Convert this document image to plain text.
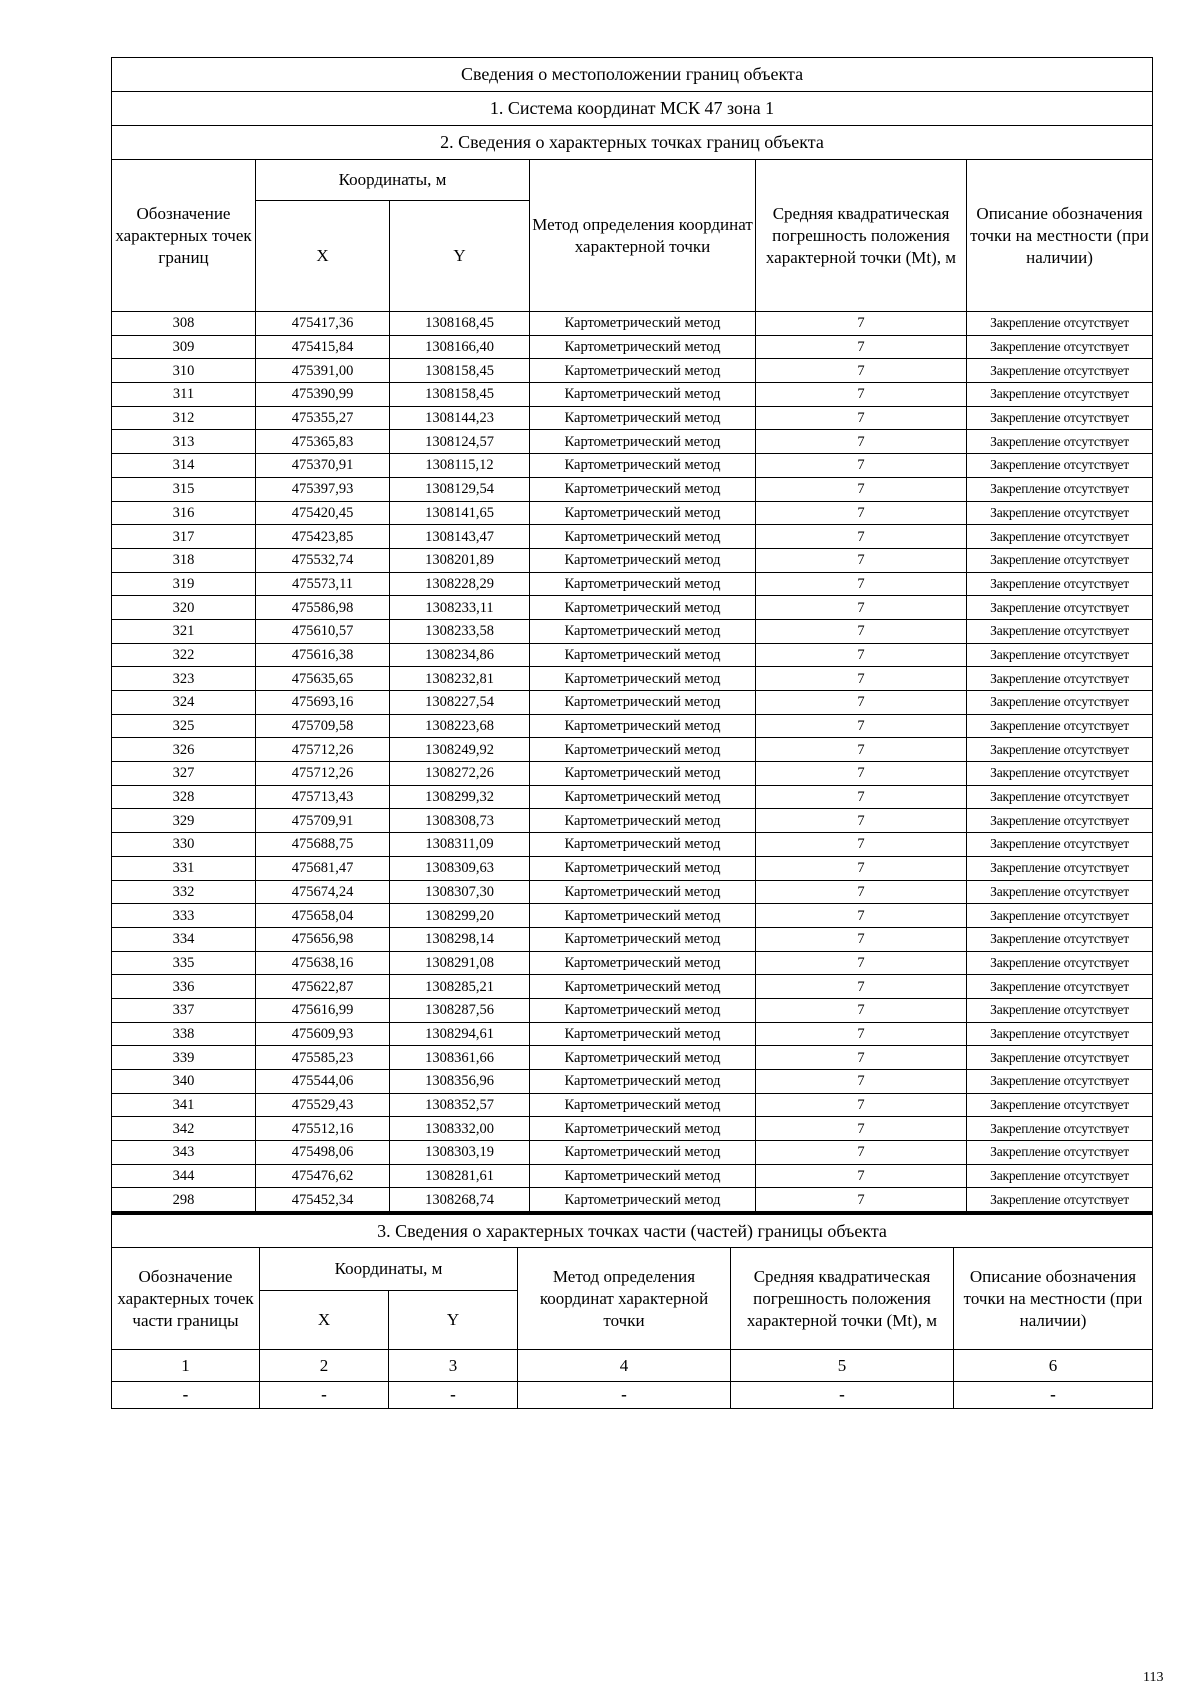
Сведения о местоположении границ объекта					
1. Система координат МСК 47 зона 1					
2. Сведения о характерных точках границ объекта					
Обозначение характерных точек границ	Координаты, м		Метод определения координат характерной точки	Средняя квадратическая погрешность положения характерной точки (Mt), м	Описание обозначения точки на местности (при наличии)
	X	Y			
308	475417,36	1308168,45	Картометрический метод	7	Закрепление отсутствует
309	475415,84	1308166,40	Картометрический метод	7	Закрепление отсутствует
310	475391,00	1308158,45	Картометрический метод	7	Закрепление отсутствует
311	475390,99	1308158,45	Картометрический метод	7	Закрепление отсутствует
312	475355,27	1308144,23	Картометрический метод	7	Закрепление отсутствует
313	475365,83	1308124,57	Картометрический метод	7	Закрепление отсутствует
314	475370,91	1308115,12	Картометрический метод	7	Закрепление отсутствует
315	475397,93	1308129,54	Картометрический метод	7	Закрепление отсутствует
316	475420,45	1308141,65	Картометрический метод	7	Закрепление отсутствует
317	475423,85	1308143,47	Картометрический метод	7	Закрепление отсутствует
318	475532,74	1308201,89	Картометрический метод	7	Закрепление отсутствует
319	475573,11	1308228,29	Картометрический метод	7	Закрепление отсутствует
320	475586,98	1308233,11	Картометрический метод	7	Закрепление отсутствует
321	475610,57	1308233,58	Картометрический метод	7	Закрепление отсутствует
322	475616,38	1308234,86	Картометрический метод	7	Закрепление отсутствует
323	475635,65	1308232,81	Картометрический метод	7	Закрепление отсутствует
324	475693,16	1308227,54	Картометрический метод	7	Закрепление отсутствует
325	475709,58	1308223,68	Картометрический метод	7	Закрепление отсутствует
326	475712,26	1308249,92	Картометрический метод	7	Закрепление отсутствует
327	475712,26	1308272,26	Картометрический метод	7	Закрепление отсутствует
328	475713,43	1308299,32	Картометрический метод	7	Закрепление отсутствует
329	475709,91	1308308,73	Картометрический метод	7	Закрепление отсутствует
330	475688,75	1308311,09	Картометрический метод	7	Закрепление отсутствует
331	475681,47	1308309,63	Картометрический метод	7	Закрепление отсутствует
332	475674,24	1308307,30	Картометрический метод	7	Закрепление отсутствует
333	475658,04	1308299,20	Картометрический метод	7	Закрепление отсутствует
334	475656,98	1308298,14	Картометрический метод	7	Закрепление отсутствует
335	475638,16	1308291,08	Картометрический метод	7	Закрепление отсутствует
336	475622,87	1308285,21	Картометрический метод	7	Закрепление отсутствует
337	475616,99	1308287,56	Картометрический метод	7	Закрепление отсутствует
338	475609,93	1308294,61	Картометрический метод	7	Закрепление отсутствует
339	475585,23	1308361,66	Картометрический метод	7	Закрепление отсутствует
340	475544,06	1308356,96	Картометрический метод	7	Закрепление отсутствует
341	475529,43	1308352,57	Картометрический метод	7	Закрепление отсутствует
342	475512,16	1308332,00	Картометрический метод	7	Закрепление отсутствует
343	475498,06	1308303,19	Картометрический метод	7	Закрепление отсутствует
344	475476,62	1308281,61	Картометрический метод	7	Закрепление отсутствует
298	475452,34	1308268,74	Картометрический метод	7	Закрепление отсутствует
3. Сведения о характерных точках части (частей) границы объекта					
Обозначение характерных точек части границы	Координаты, м		Метод определения координат характерной точки	Средняя квадратическая погрешность положения характерной точки (Mt), м	Описание обозначения точки на местности (при наличии)
	X	Y			
1	2	3	4	5	6
-	-	-	-	-	-
113
